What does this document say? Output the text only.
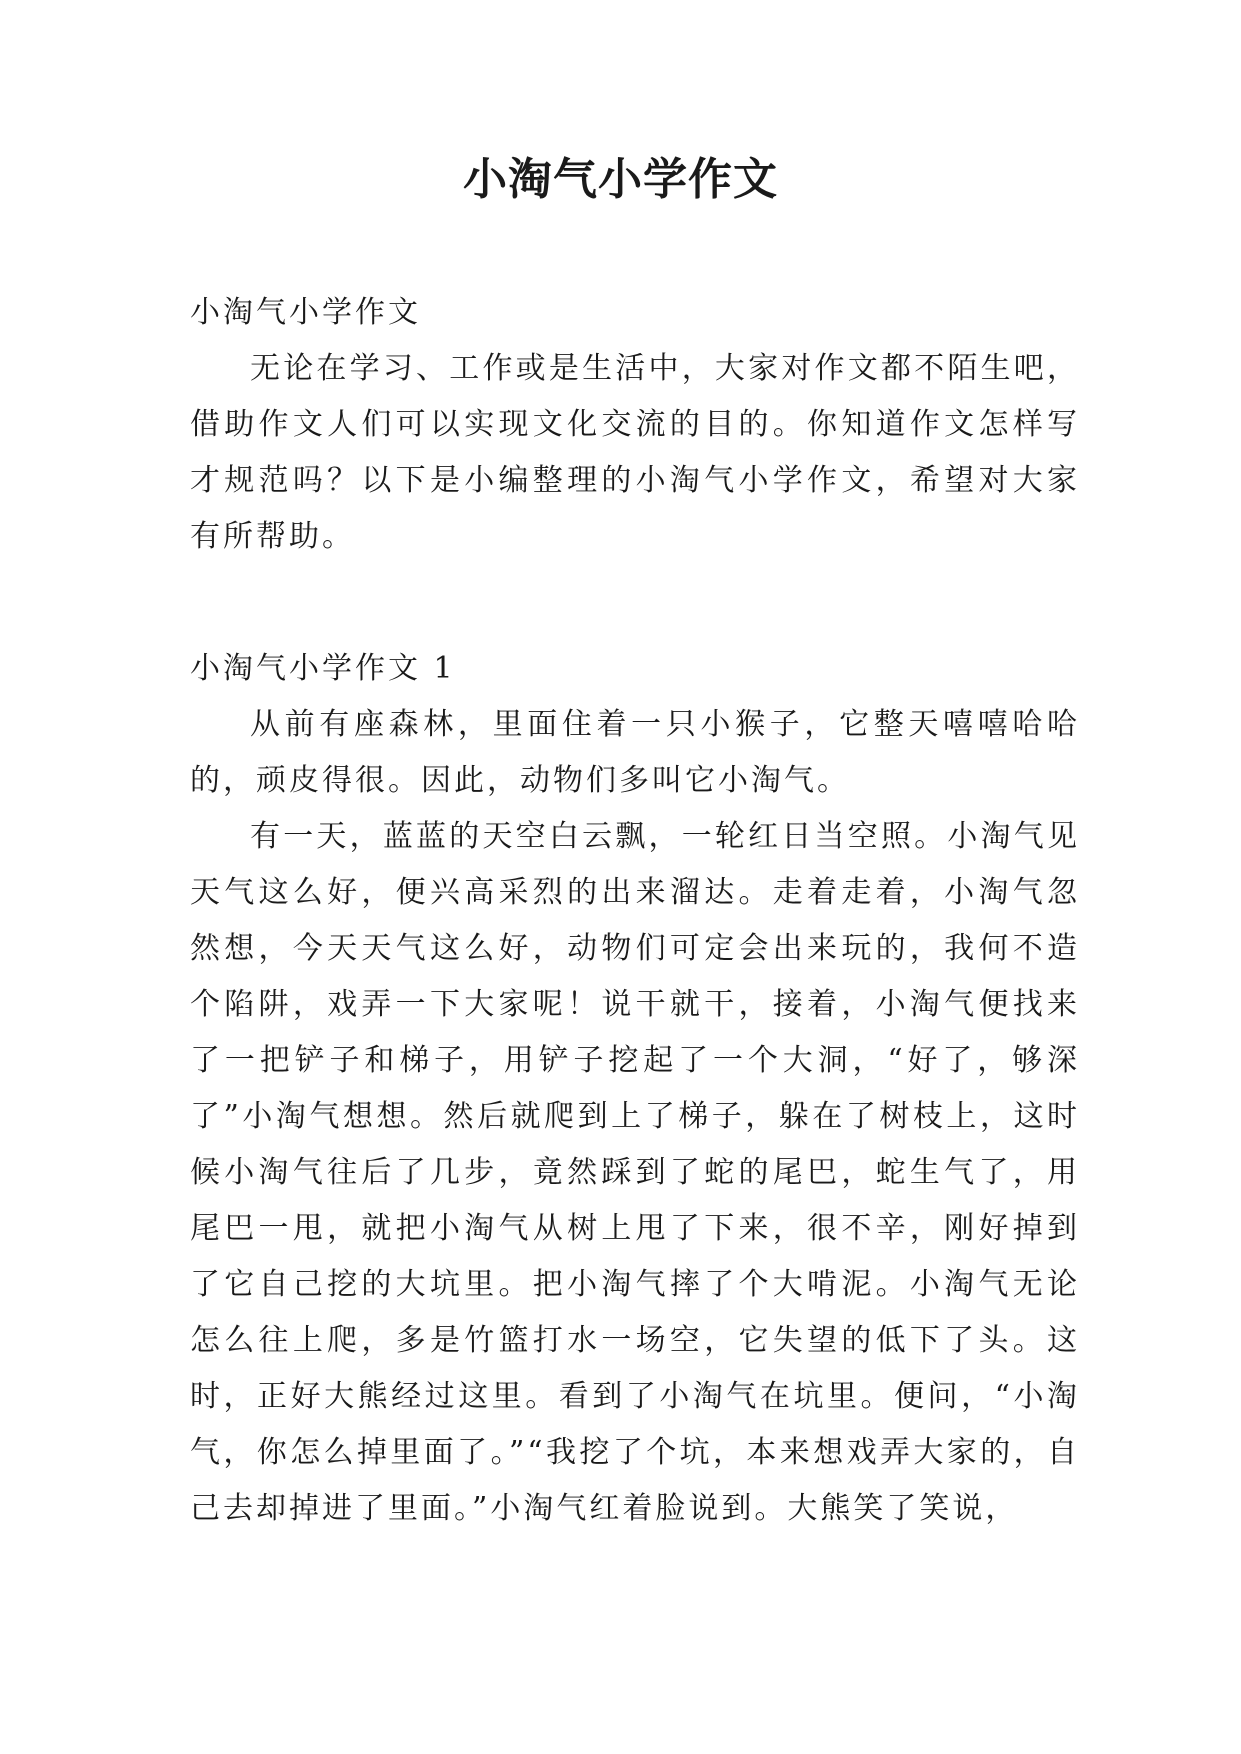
小淘气小学作文
小淘气小学作文

无论在学习、工作或是生活中，大家对作文都不陌生吧，借助作文人们可以实现文化交流的目的。你知道作文怎样写才规范吗？以下是小编整理的小淘气小学作文，希望对大家有所帮助。

小淘气小学作文 1

从前有座森林，里面住着一只小猴子，它整天嘻嘻哈哈的，顽皮得很。因此，动物们多叫它小淘气。

有一天，蓝蓝的天空白云飘，一轮红日当空照。小淘气见天气这么好，便兴高采烈的出来溜达。走着走着，小淘气忽然想，今天天气这么好，动物们可定会出来玩的，我何不造个陷阱，戏弄一下大家呢！说干就干，接着，小淘气便找来了一把铲子和梯子，用铲子挖起了一个大洞，“好了，够深了”小淘气想想。然后就爬到上了梯子，躲在了树枝上，这时候小淘气往后了几步，竟然踩到了蛇的尾巴，蛇生气了，用尾巴一甩，就把小淘气从树上甩了下来，很不辛，刚好掉到了它自己挖的大坑里。把小淘气摔了个大啃泥。小淘气无论怎么往上爬，多是竹篮打水一场空，它失望的低下了头。这时，正好大熊经过这里。看到了小淘气在坑里。便问，“小淘气，你怎么掉里面了。”“我挖了个坑，本来想戏弄大家的，自己去却掉进了里面。”小淘气红着脸说到。大熊笑了笑说，
